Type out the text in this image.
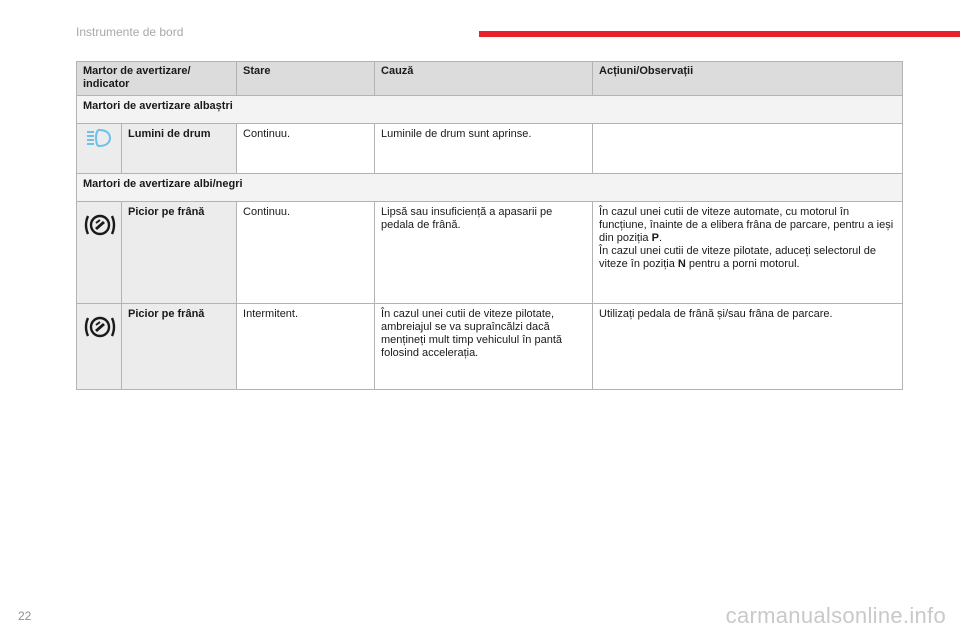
Instrumente de bord
Martor de avertizare/ indicator		Stare	Cauză	Acțiuni/Observații
Martori de avertizare albaștri				
	Lumini de drum	Continuu.	Luminile de drum sunt aprinse.	
Martori de avertizare albi/negri				
	Picior pe frână	Continuu.	Lipsă sau insuficiență a apasarii pe pedala de frână.	În cazul unei cutii de viteze automate, cu motorul în funcțiune, înainte de a elibera frâna de parcare, pentru a ieși din poziția P.
În cazul unei cutii de viteze pilotate, aduceți selectorul de viteze în poziția N pentru a porni motorul.
	Picior pe frână	Intermitent.	În cazul unei cutii de viteze pilotate, ambreiajul se va supraîncălzi dacă mențineți mult timp vehiculul în pantă folosind accelerația.	Utilizați pedala de frână și/sau frâna de parcare.
22	carmanualsonline.info
